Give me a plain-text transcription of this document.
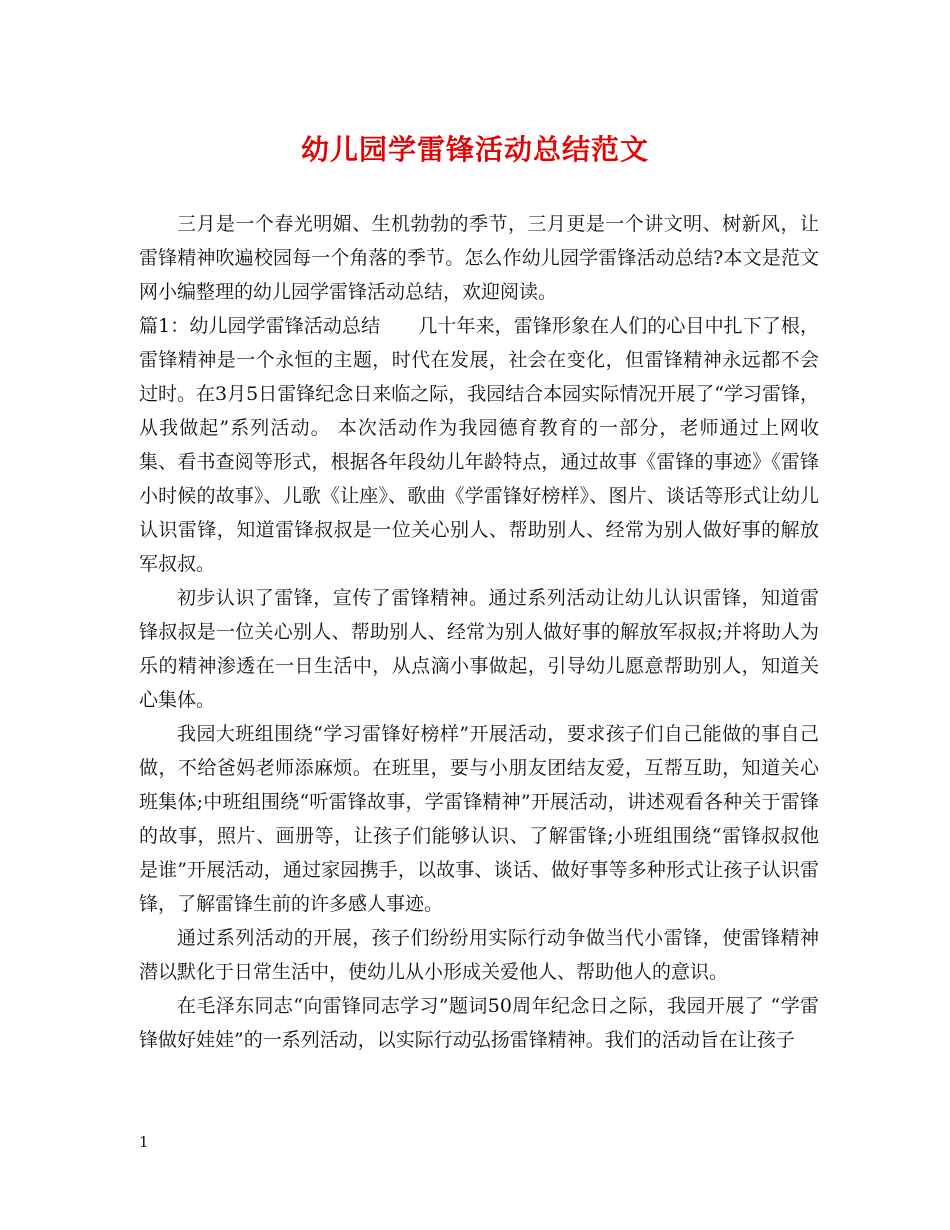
幼儿园学雷锋活动总结范文

三月是一个春光明媚、生机勃勃的季节，三月更是一个讲文明、树新风，让雷锋精神吹遍校园每一个角落的季节。怎么作幼儿园学雷锋活动总结?本文是范文网小编整理的幼儿园学雷锋活动总结，欢迎阅读。

篇1：幼儿园学雷锋活动总结　　几十年来，雷锋形象在人们的心目中扎下了根，雷锋精神是一个永恒的主题，时代在发展，社会在变化，但雷锋精神永远都不会过时。在3月5日雷锋纪念日来临之际，我园结合本园实际情况开展了“学习雷锋，从我做起”系列活动。 本次活动作为我园德育教育的一部分，老师通过上网收集、看书查阅等形式，根据各年段幼儿年龄特点，通过故事《雷锋的事迹》《雷锋小时候的故事》、儿歌《让座》、歌曲《学雷锋好榜样》、图片、谈话等形式让幼儿认识雷锋，知道雷锋叔叔是一位关心别人、帮助别人、经常为别人做好事的解放军叔叔。

初步认识了雷锋，宣传了雷锋精神。通过系列活动让幼儿认识雷锋，知道雷锋叔叔是一位关心别人、帮助别人、经常为别人做好事的解放军叔叔;并将助人为乐的精神渗透在一日生活中，从点滴小事做起，引导幼儿愿意帮助别人，知道关心集体。

我园大班组围绕“学习雷锋好榜样”开展活动，要求孩子们自己能做的事自己做，不给爸妈老师添麻烦。在班里，要与小朋友团结友爱，互帮互助，知道关心班集体;中班组围绕“听雷锋故事，学雷锋精神”开展活动，讲述观看各种关于雷锋的故事，照片、画册等，让孩子们能够认识、了解雷锋;小班组围绕“雷锋叔叔他是谁”开展活动，通过家园携手，以故事、谈话、做好事等多种形式让孩子认识雷锋，了解雷锋生前的许多感人事迹。

通过系列活动的开展，孩子们纷纷用实际行动争做当代小雷锋，使雷锋精神潜以默化于日常生活中，使幼儿从小形成关爱他人、帮助他人的意识。

在毛泽东同志“向雷锋同志学习”题词50周年纪念日之际，我园开展了 “学雷锋做好娃娃”的一系列活动，以实际行动弘扬雷锋精神。我们的活动旨在让孩子

1
